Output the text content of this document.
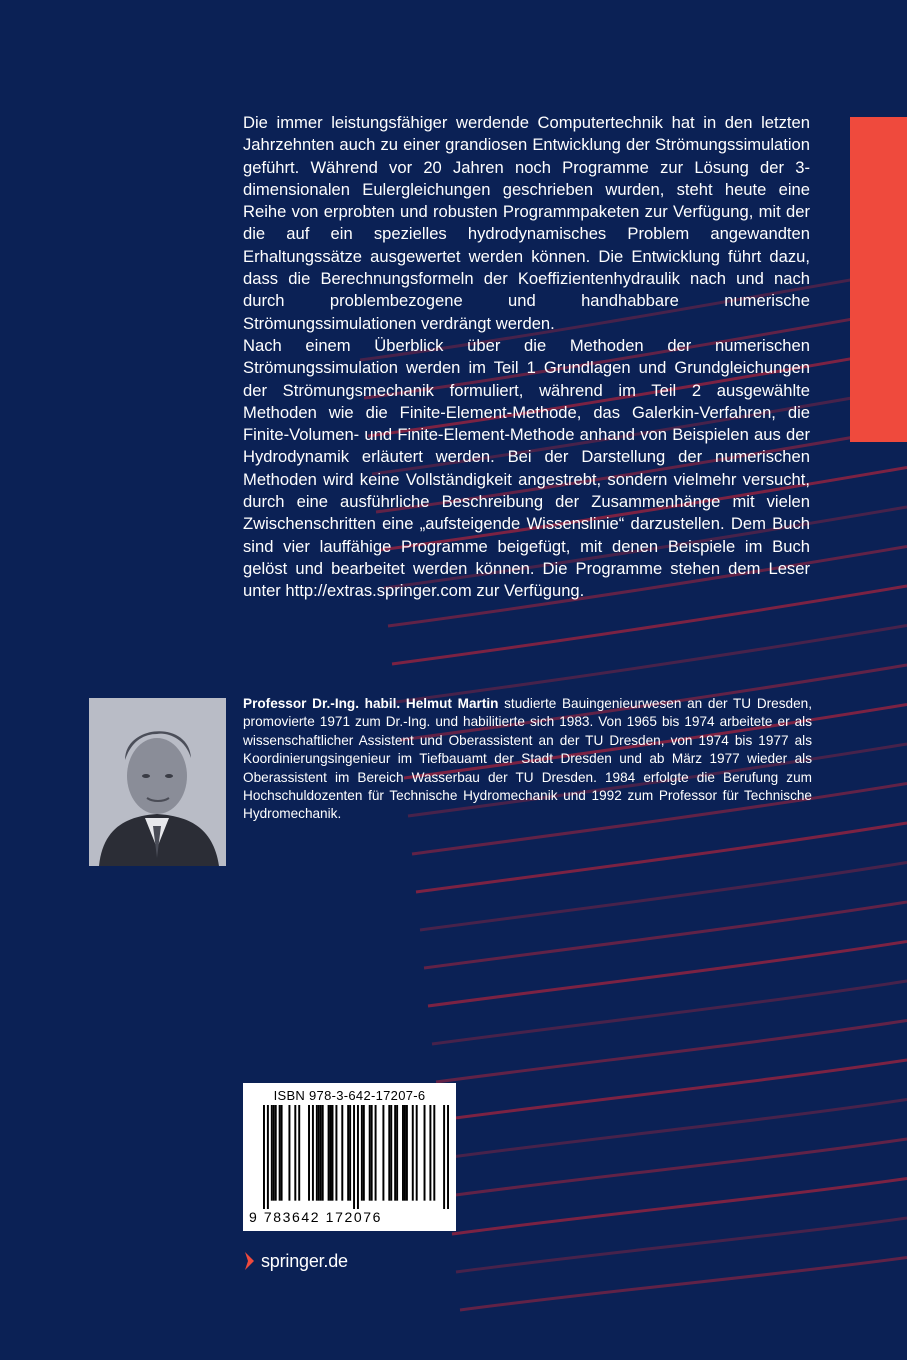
Die immer leistungsfähiger werdende Computertechnik hat in den letzten Jahrzehnten auch zu einer grandiosen Entwicklung der Strömungssimulation geführt. Während vor 20 Jahren noch Programme zur Lösung der 3-dimensionalen Eulergleichungen geschrieben wurden, steht heute eine Reihe von erprobten und robusten Programmpaketen zur Verfügung, mit der die auf ein spezielles hydrodynamisches Problem angewandten Erhaltungssätze ausgewertet werden können. Die Entwicklung führt dazu, dass die Berechnungsformeln der Koeffizientenhydraulik nach und nach durch problembezogene und handhabbare numerische Strömungssimulationen verdrängt werden.

Nach einem Überblick über die Methoden der numerischen Strömungssimulation werden im Teil 1 Grundlagen und Grundgleichungen der Strömungsmechanik formuliert, während im Teil 2 ausgewählte Methoden wie die Finite-Element-Methode, das Galerkin-Verfahren, die Finite-Volumen- und Finite-Element-Methode anhand von Beispielen aus der Hydrodynamik erläutert werden. Bei der Darstellung der numerischen Methoden wird keine Vollständigkeit angestrebt, sondern vielmehr versucht, durch eine ausführliche Beschreibung der Zusammenhänge mit vielen Zwischenschritten eine „aufsteigende Wissenslinie“ darzustellen. Dem Buch sind vier lauffähige Programme beigefügt, mit denen Beispiele im Buch gelöst und bearbeitet werden können. Die Programme stehen dem Leser unter http://extras.springer.com zur Verfügung.

Professor Dr.-Ing. habil. Helmut Martin studierte Bauingenieurwesen an der TU Dresden, promovierte 1971 zum Dr.-Ing. und habilitierte sich 1983. Von 1965 bis 1974 arbeitete er als wissenschaftlicher Assistent und Oberassistent an der TU Dresden, von 1974 bis 1977 als Koordinierungsingenieur im Tiefbauamt der Stadt Dresden und ab März 1977 wieder als Oberassistent im Bereich Wasserbau der TU Dresden. 1984 erfolgte die Berufung zum Hochschuldozenten für Technische Hydromechanik und 1992 zum Professor für Technische Hydromechanik.

ISBN 978-3-642-17207-6
9 783642 172076
springer.de
